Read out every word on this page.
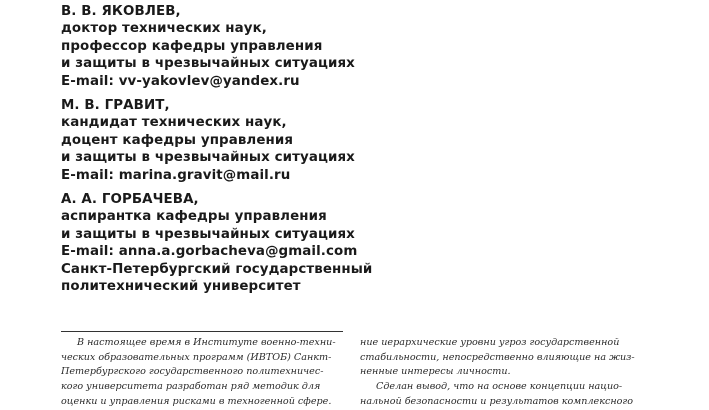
В. В. ЯКОВЛЕВ,
доктор технических наук,
профессор кафедры управления
и защиты в чрезвычайных ситуациях
E-mail: vv-yakovlev@yandex.ru
М. В. ГРАВИТ,
кандидат технических наук,
доцент кафедры управления
и защиты в чрезвычайных ситуациях
E-mail: marina.gravit@mail.ru
А. А. ГОРБАЧЕВА,
аспирантка кафедры управления
и защиты в чрезвычайных ситуациях
E-mail: anna.a.gorbacheva@gmail.com
Санкт-Петербургский государственный
политехнический университет
В настоящее время в Институте военно-техни-
ческих образовательных программ (ИВТОБ) Санкт-
Петербургского государственного политехничес-
кого университета разработан ряд методик для
оценки и управления рисками в техногенной сфере.
ние иерархические уровни угроз государственной
стабильности, непосредственно влияющие на жиз-
ненные интересы личности.
Сделан вывод, что на основе концепции нацио-
нальной безопасности и результатов комплексного
